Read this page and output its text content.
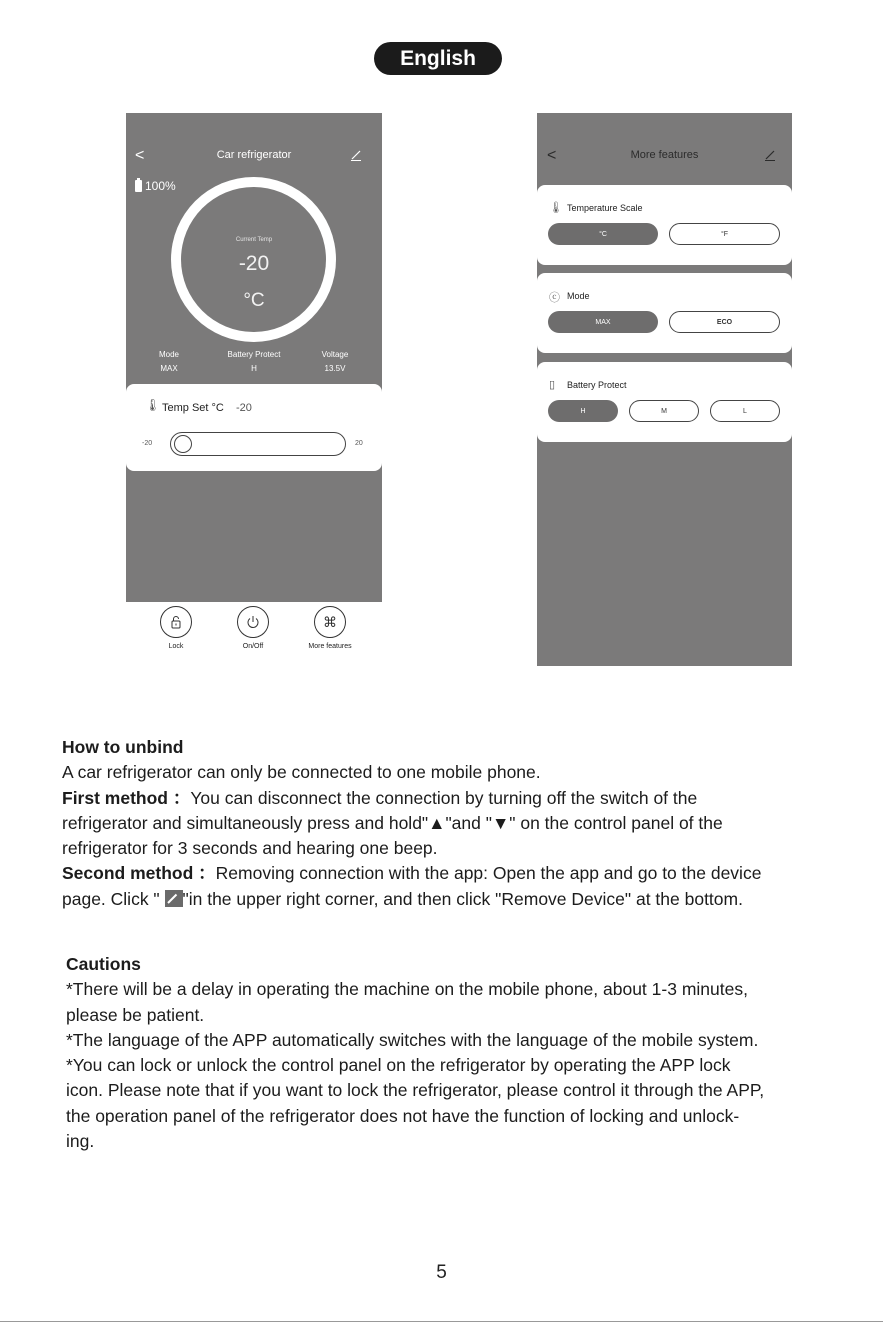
English
<	Car refrigerator
100%
Current Temp
-20
°C
Mode
MAX
Battery Protect
H
Voltage
13.5V
🌡︎ Temp Set °C -20
-20	20
Lock	On/Off
⌘
More features
<	More features
🌡︎ Temperature Scale
°C	°F
ⓒ Mode
MAX	ECO
▯ Battery Protect
H	M	L
How to unbind
A car refrigerator can only be connected to one mobile phone.
First method ：You can disconnect the connection by turning off the switch of the
refrigerator and simultaneously press and hold"▲"and "▼" on the control panel of the
refrigerator for 3 seconds and hearing one beep.
Second method ：Removing connection with the app: Open the app and go to the device
page. Click " "in the upper right corner, and then click "Remove Device" at the bottom.
Cautions
*There will be a delay in operating the machine on the mobile phone, about 1-3 minutes,
please be patient.
*The language of the APP automatically switches with the language of the mobile system.
*You can lock or unlock the control panel on the refrigerator by operating the APP lock
icon. Please note that if you want to lock the refrigerator, please control it through the APP,
the operation panel of the refrigerator does not have the function of locking and unlock-
ing.
5
